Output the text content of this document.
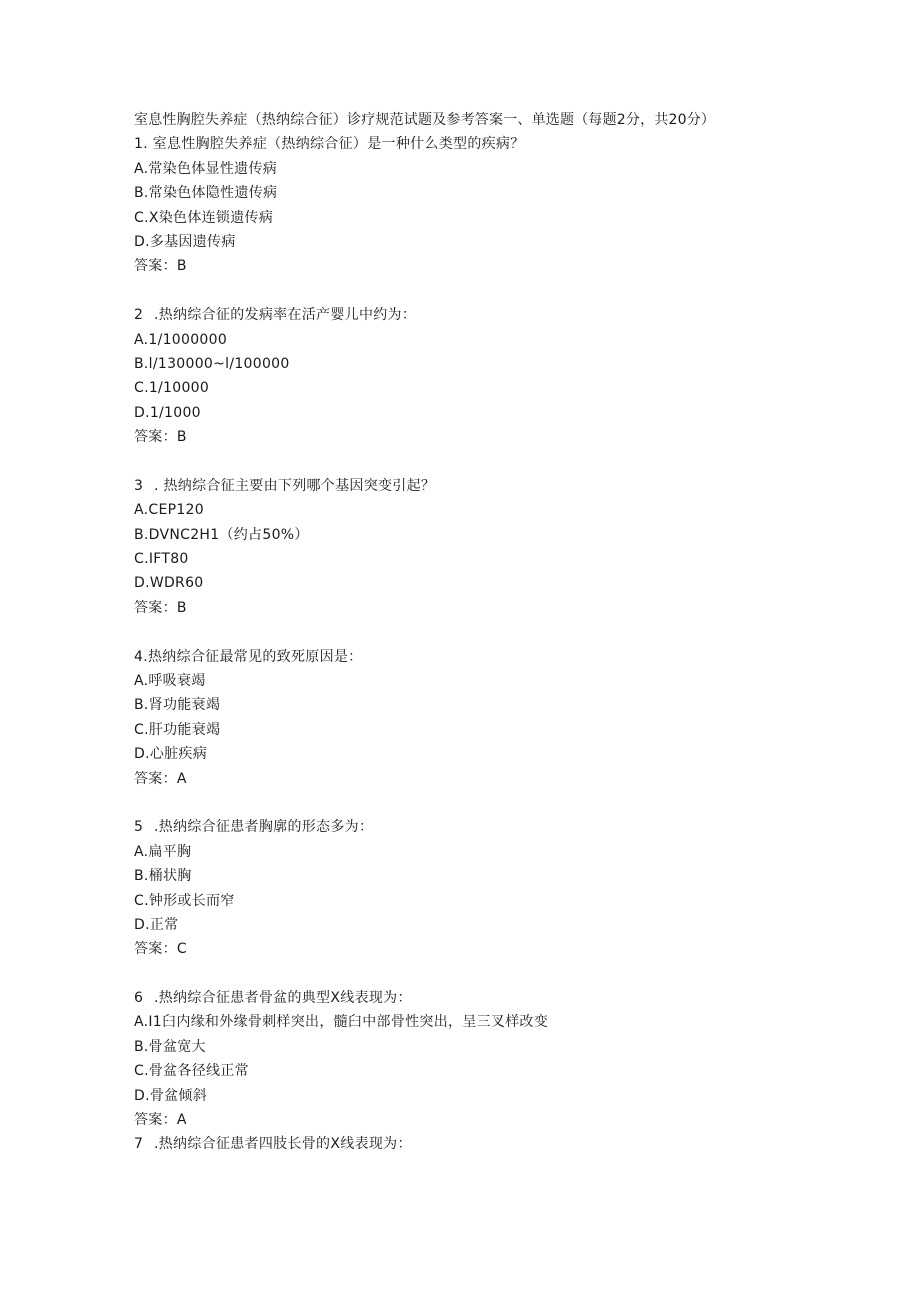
室息性胸腔失养症（热纳综合征）诊疗规范试题及参考答案一、单选题（每题2分，共20分）
1. 室息性胸腔失养症（热纳综合征）是一种什么类型的疾病？
A.常染色体显性遗传病
B.常染色体隐性遗传病
C.X染色体连锁遗传病
D.多基因遗传病
答案：B
2 .热纳综合征的发病率在活产婴儿中约为：
A.1/1000000
B.l/130000~l/100000
C.1/10000
D.1/1000
答案：B
3 . 热纳综合征主要由下列哪个基因突变引起？
A.CEP120
B.DVNC2H1（约占50%）
C.IFT80
D.WDR60
答案：B
4.热纳综合征最常见的致死原因是：
A.呼吸衰竭
B.肾功能衰竭
C.肝功能衰竭
D.心脏疾病
答案：A
5 .热纳综合征患者胸廓的形态多为：
A.扁平胸
B.桶状胸
C.钟形或长而窄
D.正常
答案：C
6 .热纳综合征患者骨盆的典型X线表现为：
A.I1臼内缘和外缘骨刺样突出，髓臼中部骨性突出，呈三叉样改变
B.骨盆宽大
C.骨盆各径线正常
D.骨盆倾斜
答案：A
7 .热纳综合征患者四肢长骨的X线表现为：
